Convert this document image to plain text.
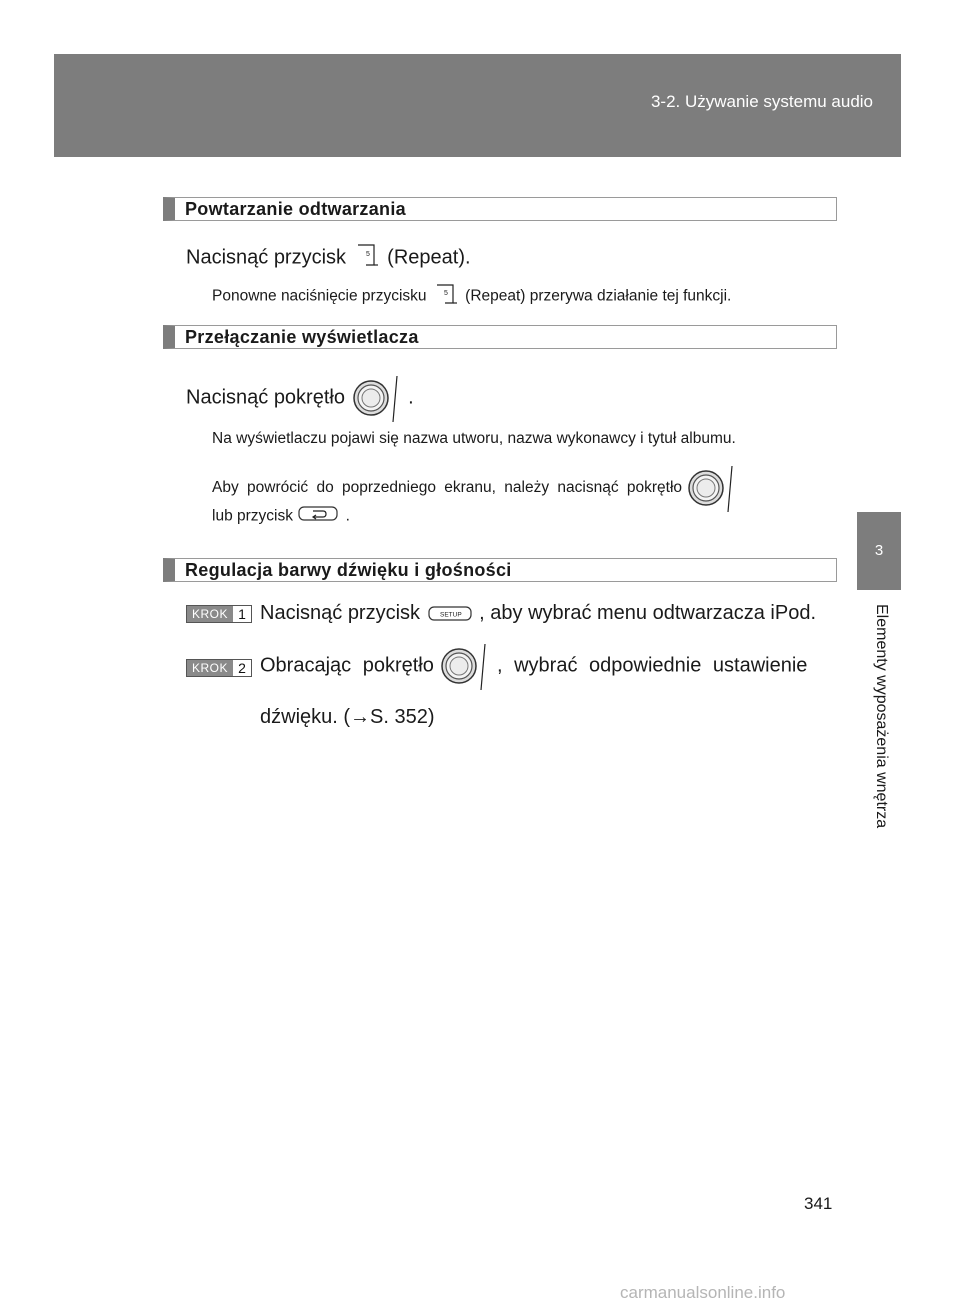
3-2. Używanie systemu audio
3
Elementy wyposażenia wnętrza
Powtarzanie odtwarzania
Nacisnąć przycisk	5 (Repeat).
Ponowne naciśnięcie przycisku 5 (Repeat) przerywa działanie tej funkcji.
Przełączanie wyświetlacza
Nacisnąć pokrętło	.
Na wyświetlaczu pojawi się nazwa utworu, nazwa wykonawcy i tytuł albumu.
Aby powrócić do poprzedniego ekranu, należy nacisnąć pokrętło
lub przycisk	.
Regulacja barwy dźwięku i głośności
KROK 1 Nacisnąć przycisk	SETUP , aby wybrać menu odtwarzacza iPod.
KROK 2 Obracając pokrętło	, wybrać odpowiednie ustawienie
dźwięku. (→S. 352)
341
carmanualsonline.info
